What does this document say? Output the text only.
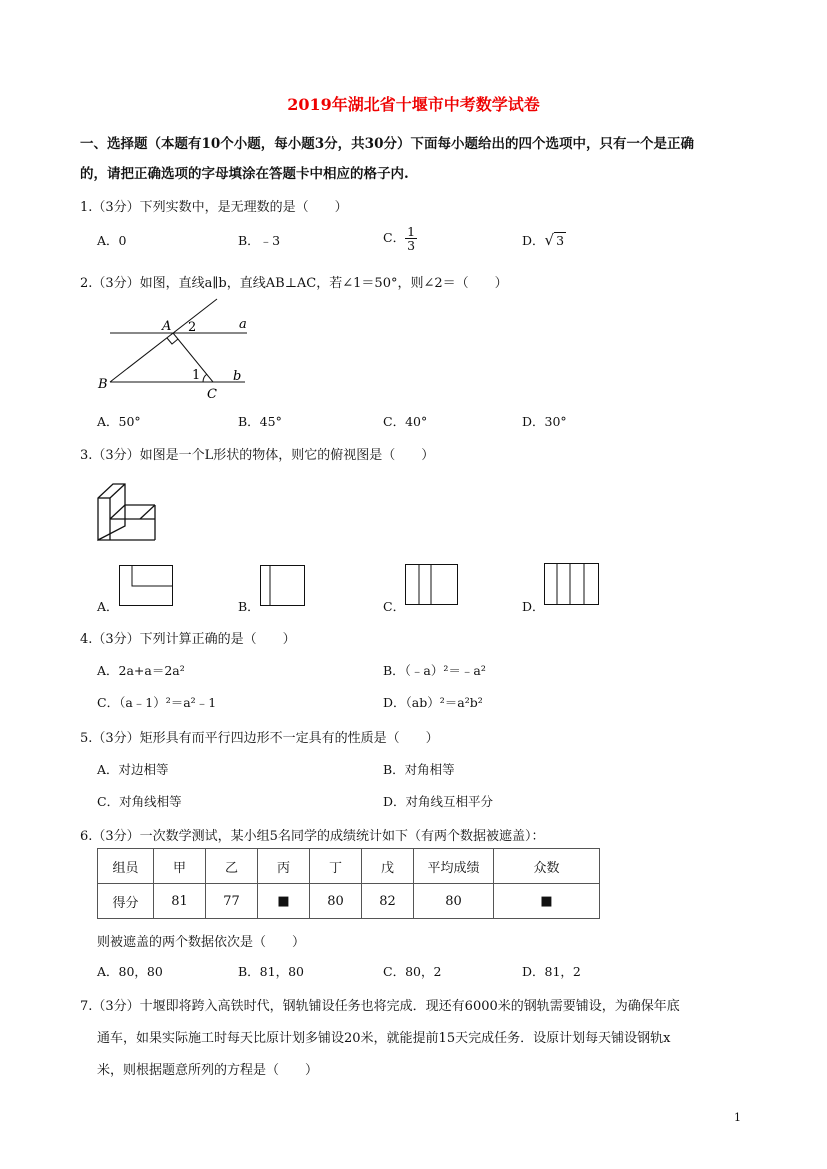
2019年湖北省十堰市中考数学试卷
一、选择题（本题有10个小题，每小题3分，共30分）下面每小题给出的四个选项中，只有一个是正确
的，请把正确选项的字母填涂在答题卡中相应的格子内.
1.（3分）下列实数中，是无理数的是（　　）
A．0	B．﹣3	C． $\frac{1}{3}$	D．√ 3
2.（3分）如图，直线a∥b，直线AB⊥AC，若∠1＝50°，则∠2＝（　　）
A 2	a
B
1	b
C
A．50°	B．45°	C．40°	D．30°
3.（3分）如图是一个L形状的物体，则它的俯视图是（　　）
A．	B．	C．	D．
4.（3分）下列计算正确的是（　　）
A．2a+a＝2a²	B．（﹣a）²＝﹣a²
C．（a﹣1）²＝a²﹣1	D．（ab）²＝a²b²
5.（3分）矩形具有而平行四边形不一定具有的性质是（　　）
A．对边相等	B．对角相等
C．对角线相等	D．对角线互相平分
6.（3分）一次数学测试，某小组5名同学的成绩统计如下（有两个数据被遮盖）：
组员	甲	乙	丙	丁	戊	平均成绩	众数
得分	81	77	■	80	82	80	■
则被遮盖的两个数据依次是（　　）
A．80，80	B．81，80	C．80，2	D．81，2
7.（3分）十堰即将跨入高铁时代，钢轨铺设任务也将完成．现还有6000米的钢轨需要铺设，为确保年底
通车，如果实际施工时每天比原计划多铺设20米，就能提前15天完成任务．设原计划每天铺设钢轨x
米，则根据题意所列的方程是（　　）
1
